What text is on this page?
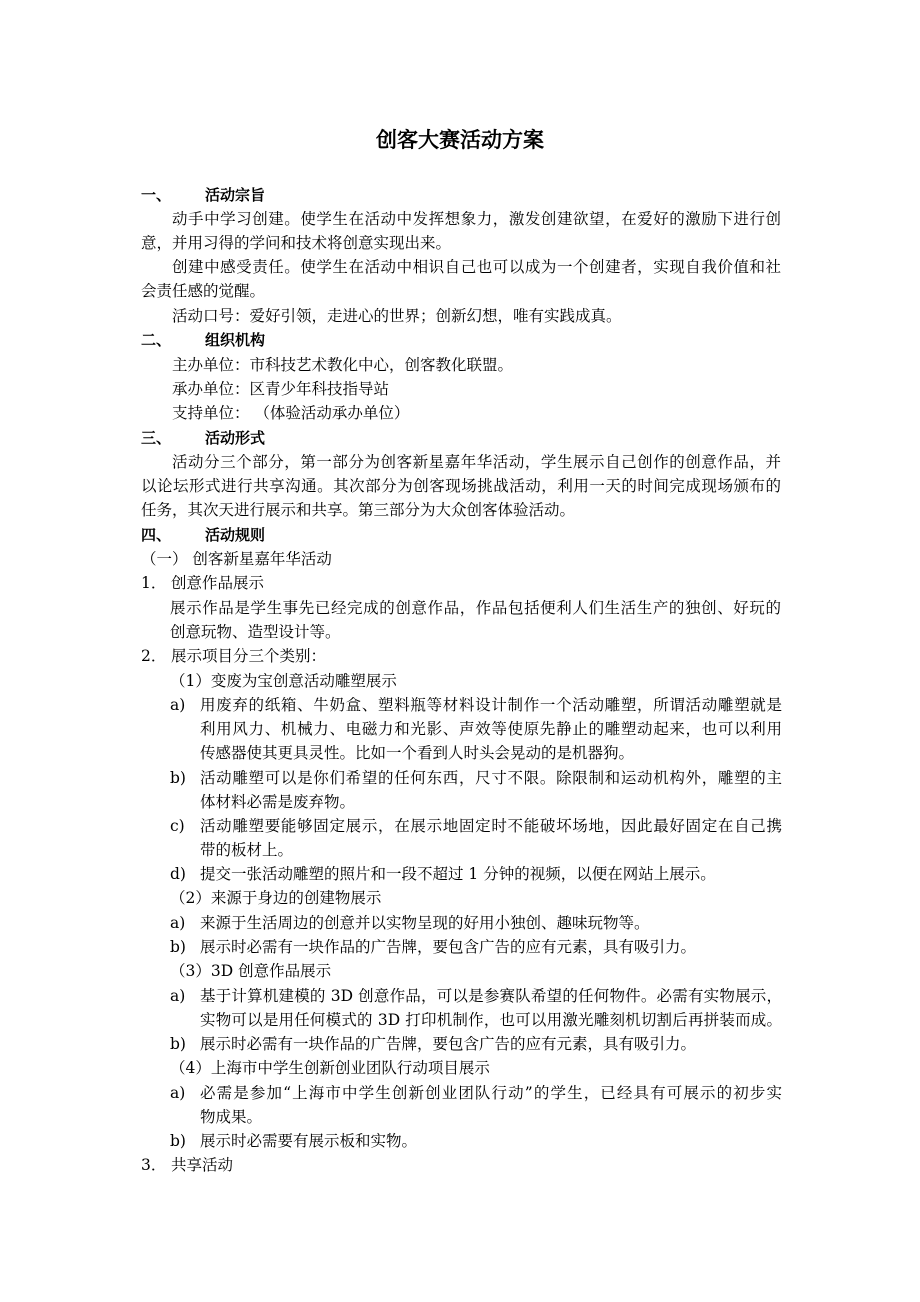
创客大赛活动方案
一、 活动宗旨
动手中学习创建。使学生在活动中发挥想象力，激发创建欲望，在爱好的激励下进行创
意，并用习得的学问和技术将创意实现出来。
创建中感受责任。使学生在活动中相识自己也可以成为一个创建者，实现自我价值和社
会责任感的觉醒。
活动口号：爱好引领，走进心的世界；创新幻想，唯有实践成真。
二、 组织机构
主办单位：市科技艺术教化中心，创客教化联盟。
承办单位：区青少年科技指导站
支持单位： （体验活动承办单位）
三、 活动形式
活动分三个部分，第一部分为创客新星嘉年华活动，学生展示自己创作的创意作品，并
以论坛形式进行共享沟通。其次部分为创客现场挑战活动，利用一天的时间完成现场颁布的
任务，其次天进行展示和共享。第三部分为大众创客体验活动。
四、 活动规则
（一） 创客新星嘉年华活动
1． 创意作品展示
展示作品是学生事先已经完成的创意作品，作品包括便利人们生活生产的独创、好玩的
创意玩物、造型设计等。
2． 展示项目分三个类别：
（1）变废为宝创意活动雕塑展示
a) 用废弃的纸箱、牛奶盒、塑料瓶等材料设计制作一个活动雕塑，所谓活动雕塑就是
利用风力、机械力、电磁力和光影、声效等使原先静止的雕塑动起来，也可以利用
传感器使其更具灵性。比如一个看到人时头会晃动的是机器狗。
b) 活动雕塑可以是你们希望的任何东西，尺寸不限。除限制和运动机构外，雕塑的主
体材料必需是废弃物。
c) 活动雕塑要能够固定展示，在展示地固定时不能破坏场地，因此最好固定在自己携
带的板材上。
d) 提交一张活动雕塑的照片和一段不超过 1 分钟的视频，以便在网站上展示。
（2）来源于身边的创建物展示
a) 来源于生活周边的创意并以实物呈现的好用小独创、趣味玩物等。
b) 展示时必需有一块作品的广告牌，要包含广告的应有元素，具有吸引力。
（3）3D 创意作品展示
a) 基于计算机建模的 3D 创意作品，可以是参赛队希望的任何物件。必需有实物展示，
实物可以是用任何模式的 3D 打印机制作，也可以用激光雕刻机切割后再拼装而成。
b) 展示时必需有一块作品的广告牌，要包含广告的应有元素，具有吸引力。
（4）上海市中学生创新创业团队行动项目展示
a) 必需是参加“上海市中学生创新创业团队行动”的学生，已经具有可展示的初步实
物成果。
b) 展示时必需要有展示板和实物。
3． 共享活动
